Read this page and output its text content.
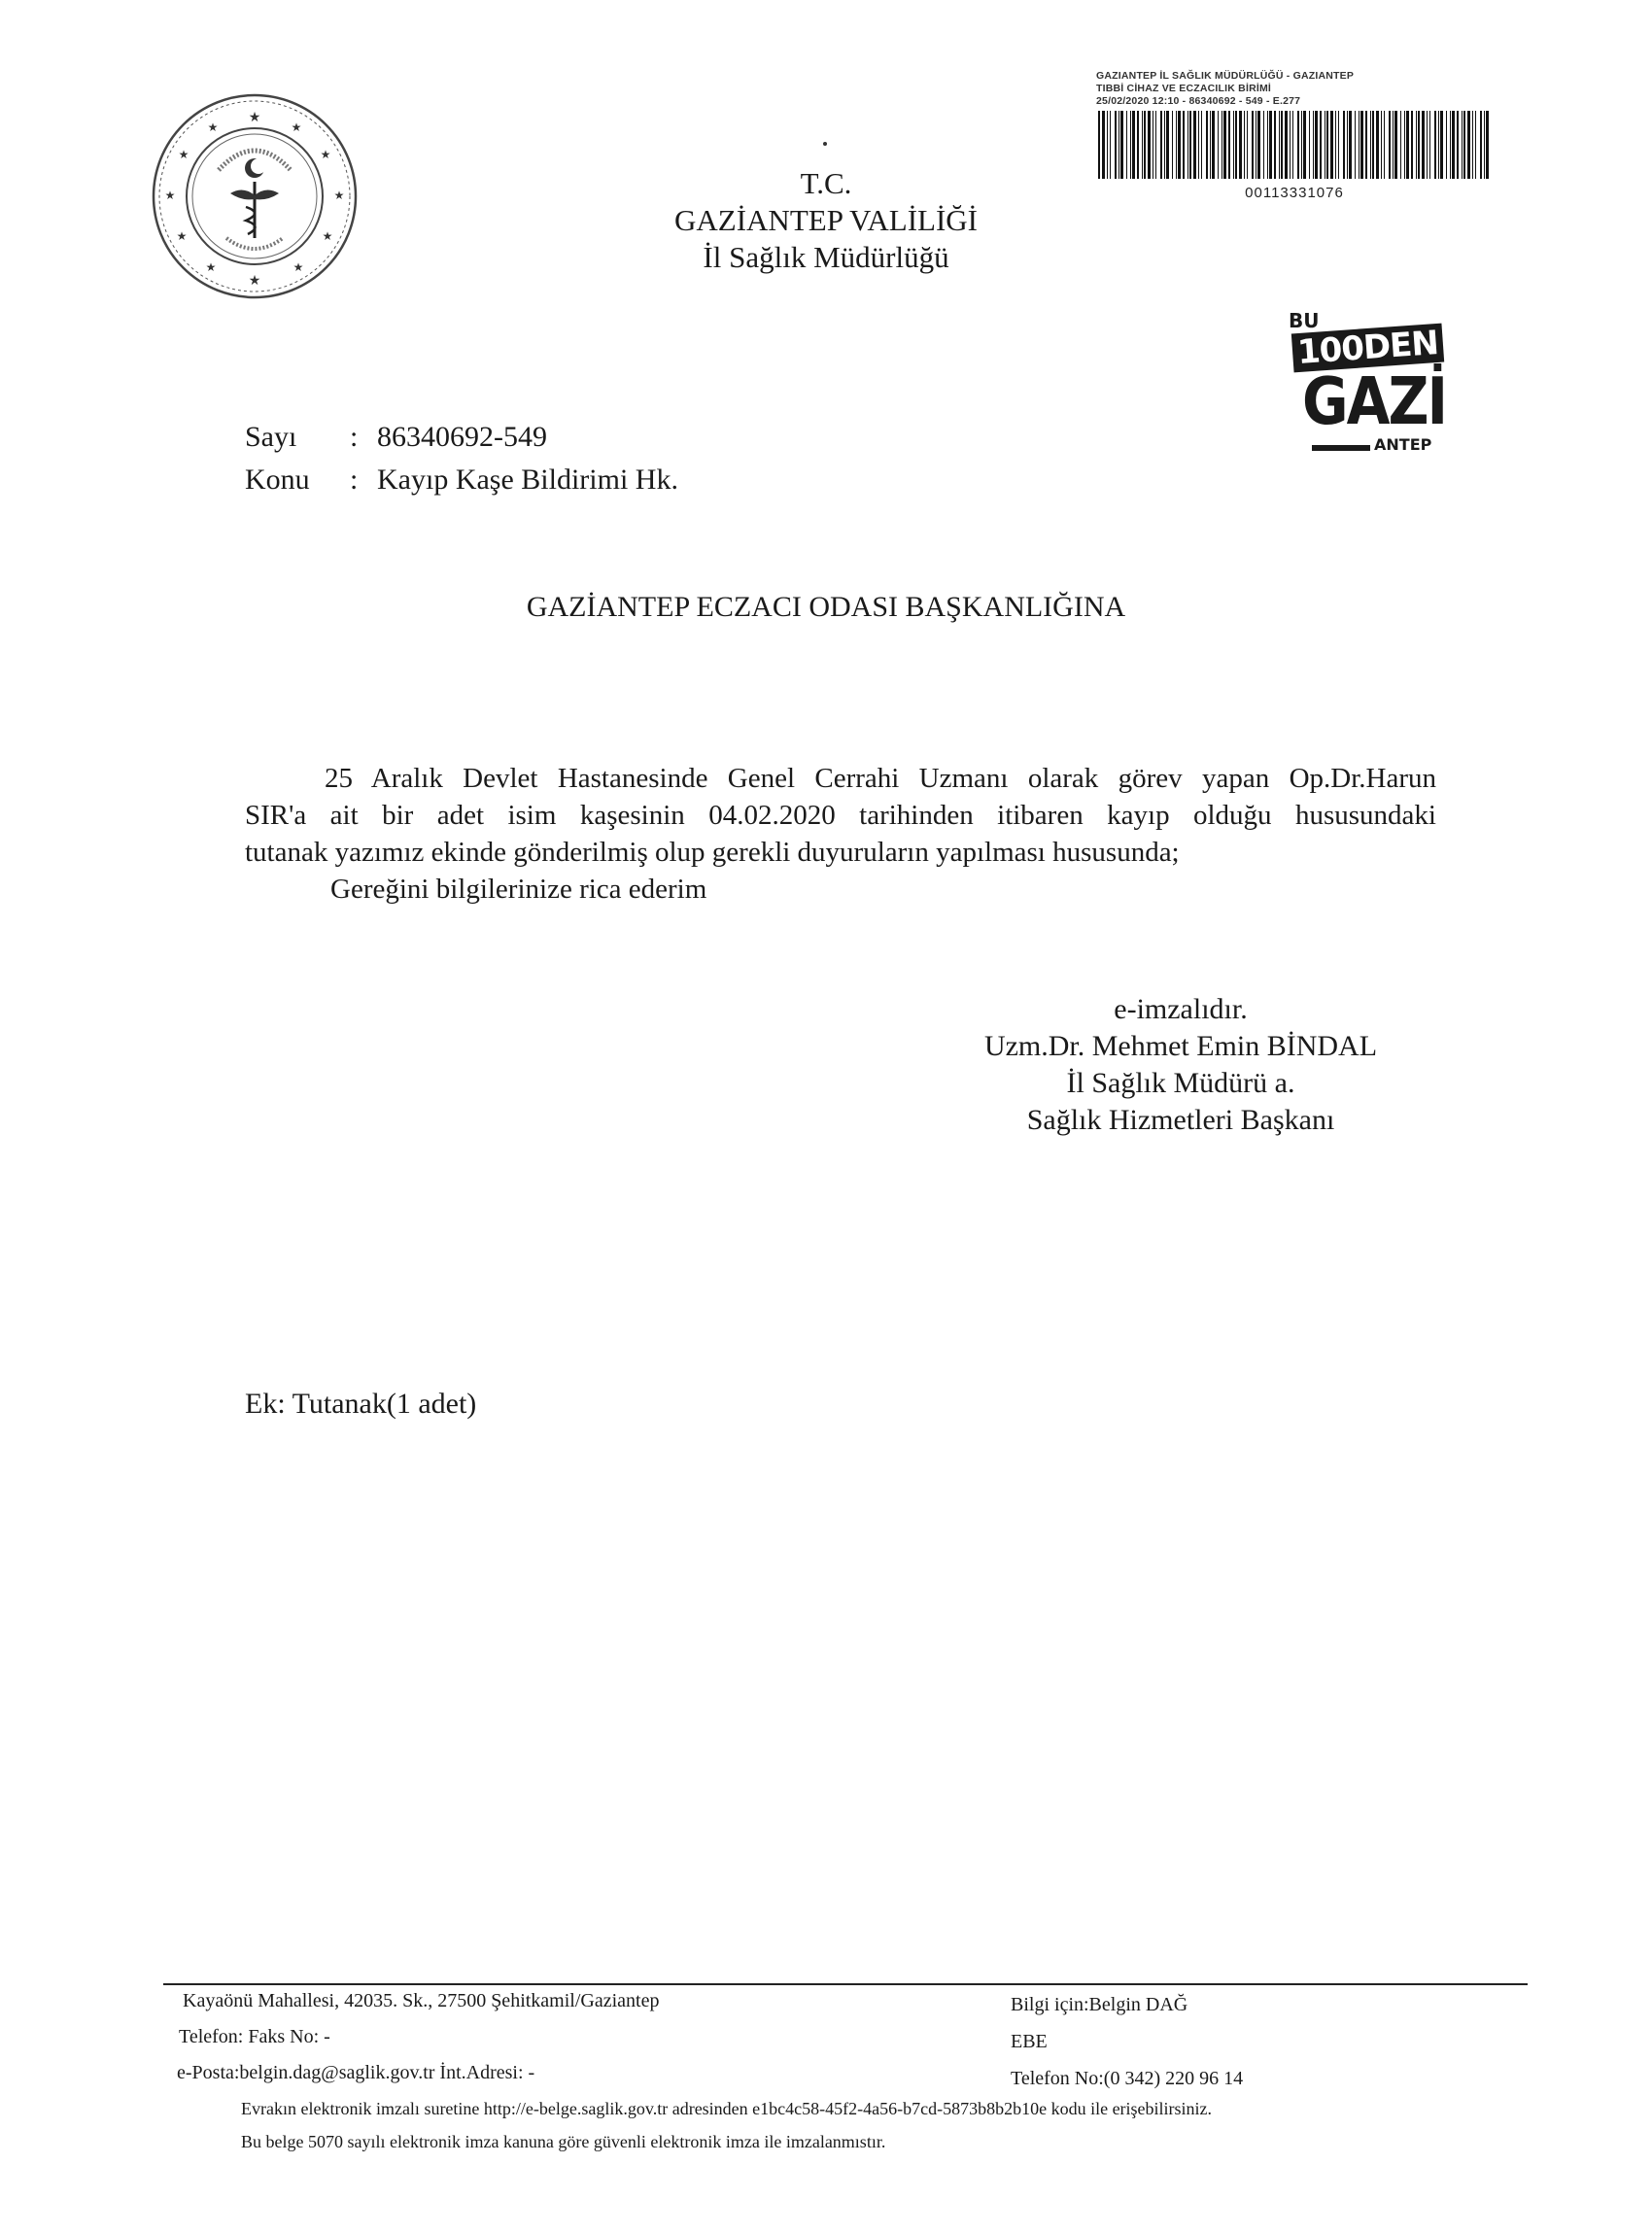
★
★
★
★
★
★
★
★
★
★
★
★
T.C.
GAZİANTEP VALİLİĞİ
İl Sağlık Müdürlüğü
GAZIANTEP İL SAĞLIK MÜDÜRLÜĞÜ - GAZIANTEP
TIBBİ CİHAZ VE ECZACILIK BİRİMİ
25/02/2020 12:10 - 86340692 - 549 - E.277
00113331076
BU
100DEN
GAZİ
ANTEP
Sayı	: 86340692-549
Konu	: Kayıp Kaşe Bildirimi Hk.
GAZİANTEP ECZACI ODASI BAŞKANLIĞINA
25 Aralık Devlet Hastanesinde Genel Cerrahi Uzmanı olarak görev yapan Op.Dr.Harun
SIR'a ait bir adet isim kaşesinin 04.02.2020 tarihinden itibaren kayıp olduğu hususundaki
tutanak yazımız ekinde gönderilmiş olup gerekli duyuruların yapılması hususunda;
Gereğini bilgilerinize rica ederim
e-imzalıdır.
Uzm.Dr. Mehmet Emin BİNDAL
İl Sağlık Müdürü a.
Sağlık Hizmetleri Başkanı
Ek: Tutanak(1 adet)
Kayaönü Mahallesi, 42035. Sk., 27500 Şehitkamil/Gaziantep
Telefon: Faks No: -
e-Posta:belgin.dag@saglik.gov.tr İnt.Adresi: -
Bilgi için:Belgin DAĞ
EBE
Telefon No:(0 342) 220 96 14
Evrakın elektronik imzalı suretine http://e-belge.saglik.gov.tr adresinden e1bc4c58-45f2-4a56-b7cd-5873b8b2b10e kodu ile erişebilirsiniz.
Bu belge 5070 sayılı elektronik imza kanuna göre güvenli elektronik imza ile imzalanmıstır.
